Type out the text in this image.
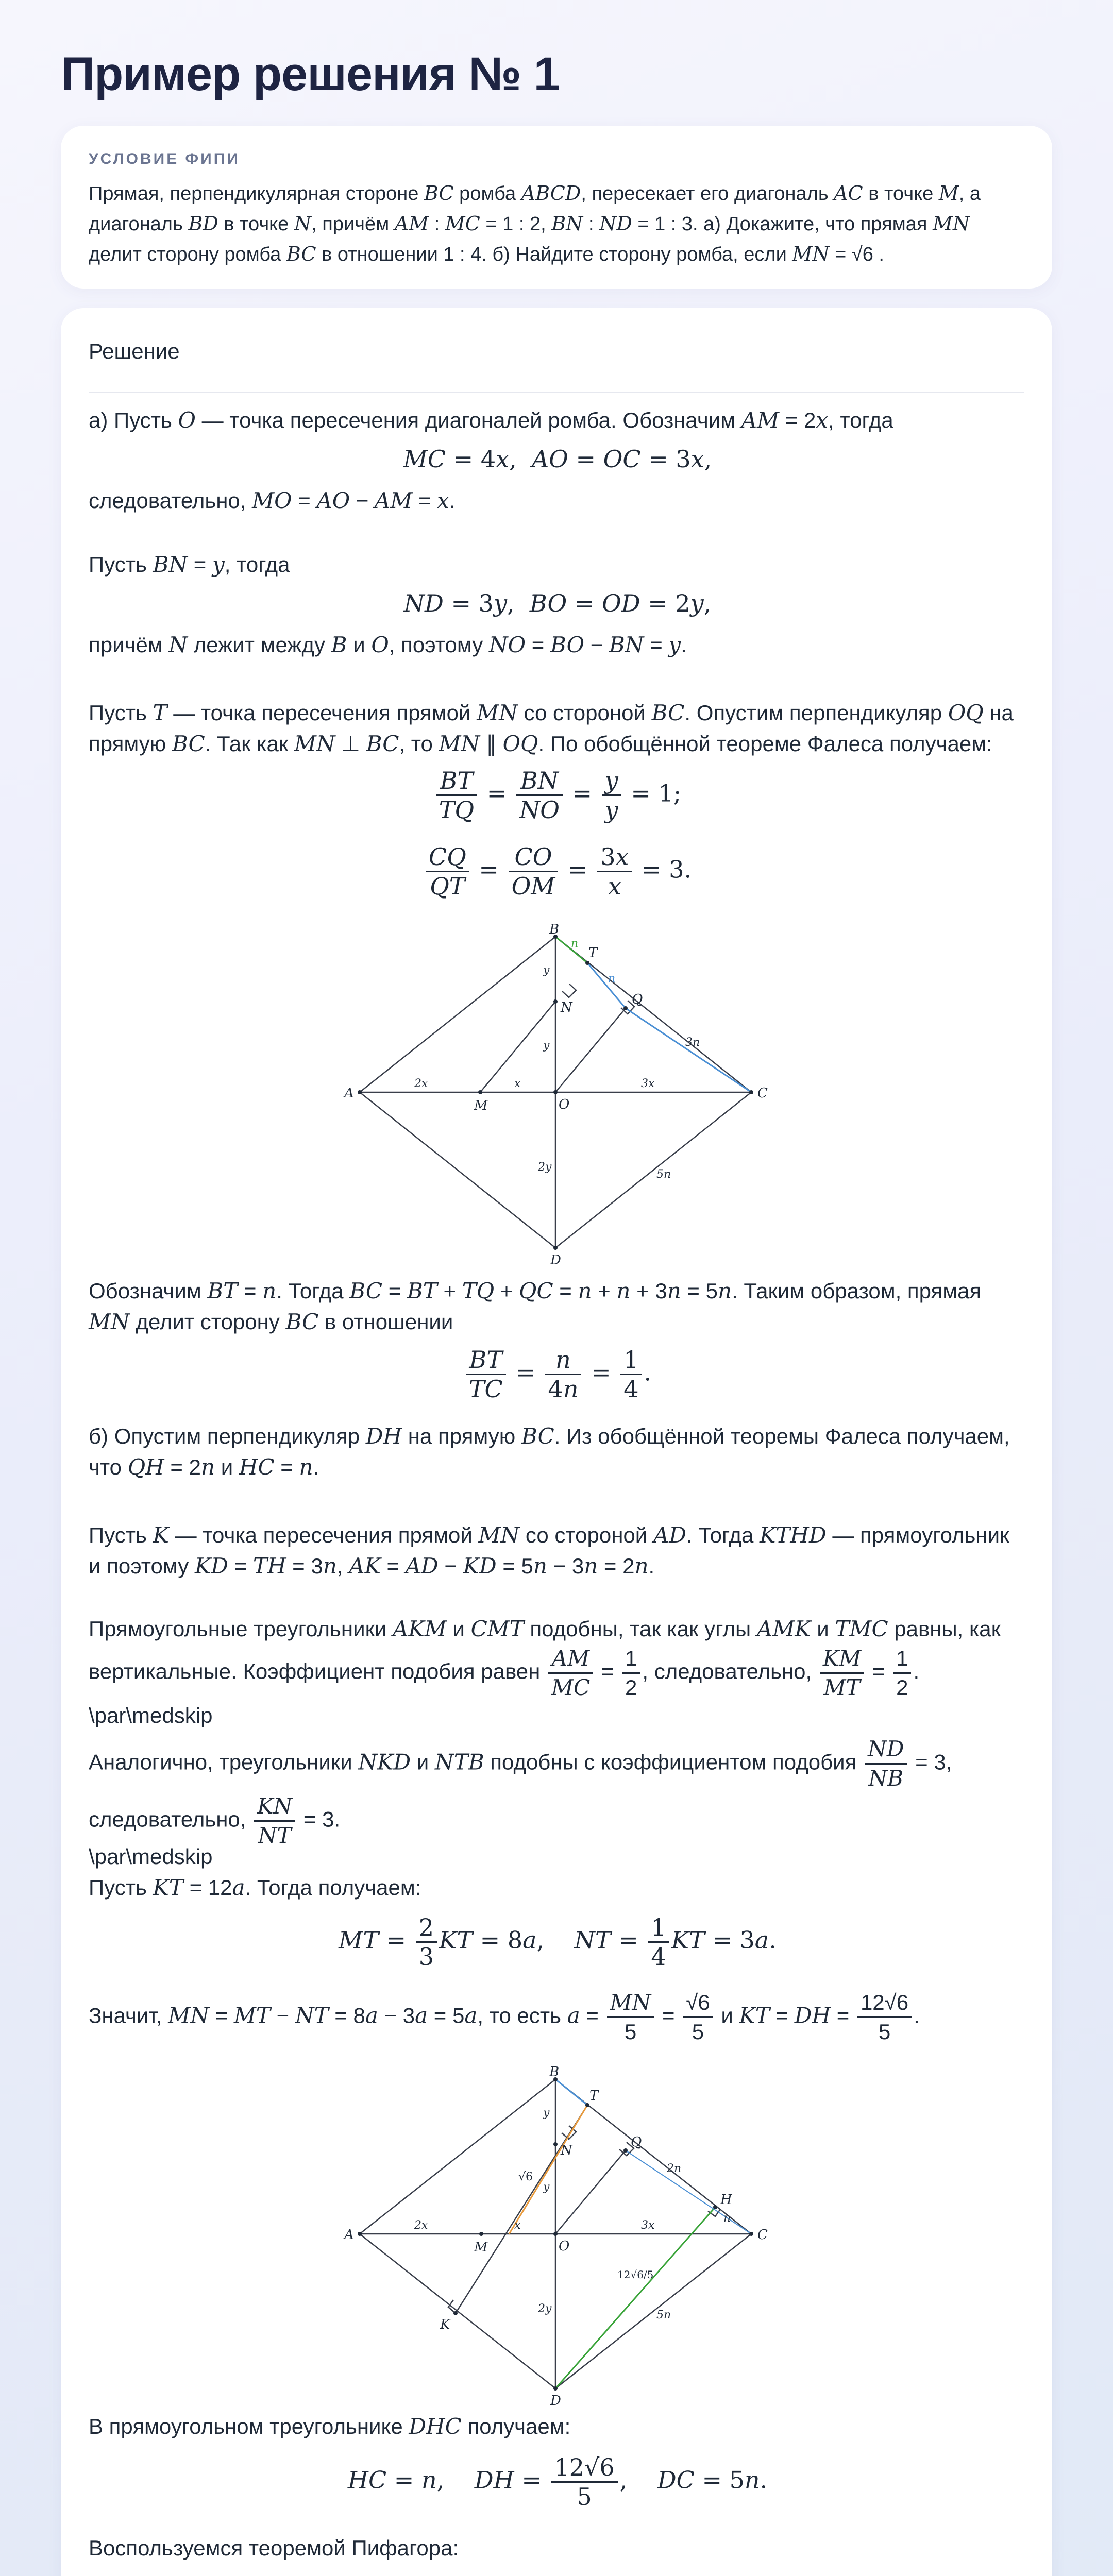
Пример решения № 1
УСЛОВИЕ ФИПИ
Прямая, перпендикулярная стороне BC ромба ABCD, пересекает его диагональ AC в точке M, а диагональ BD в точке N, причём AM : MC = 1 : 2, BN : ND = 1 : 3. а) Докажите, что прямая MN делит сторону ромба BC в отношении 1 : 4. б) Найдите сторону ромба, если MN = √6 .
Решение
а) Пусть O — точка пересечения диагоналей ромба. Обозначим AM = 2x, тогда
MC = 4x,  AO = OC = 3x,
следовательно, MO = AO − AM = x.
Пусть BN = y, тогда
ND = 3y,  BO = OD = 2y,
причём N лежит между B и O, поэтому NO = BO − BN = y.
Пусть T — точка пересечения прямой MN со стороной BC. Опустим перпендикуляр OQ на прямую BC. Так как MN ⊥ BC, то MN ∥ OQ. По обобщённой теореме Фалеса получаем:
$\frac{BT}{TQ} = \frac{BN}{NO} = \frac{y}{y} = 1$;
$\frac{CQ}{QT} = \frac{CO}{OM} = \frac{3x}{x} = 3$.
B
A	C
D
M
N
O
T
Q
n
n
3n
y
y
2y
2x	x	3x
5n
Обозначим BT = n. Тогда BC = BT + TQ + QC = n + n + 3n = 5n. Таким образом, прямая MN делит сторону BC в отношении
$\frac{BT}{TC} = \frac{n}{4n} = \frac{1}{4}$ .
б) Опустим перпендикуляр DH на прямую BC. Из обобщённой теоремы Фалеса получаем, что QH = 2n и HC = n.
Пусть K — точка пересечения прямой MN со стороной AD. Тогда KTHD — прямоугольник и поэтому KD = TH = 3n, AK = AD − KD = 5n − 3n = 2n.
Прямоугольные треугольники AKM и CMT подобны, так как углы AMK и TMC равны, как вертикальные. Коэффициент подобия равен $\frac{AM}{MC} = \frac{1}{2}$ , следовательно, $\frac{KM}{MT} = \frac{1}{2}$ .
\par\medskip
Аналогично, треугольники NKD и NTB подобны с коэффициентом подобия $\frac{ND}{NB} = 3$, следовательно, $\frac{KN}{NT} = 3$.
\par\medskip
Пусть KT = 12a. Тогда получаем:
MT = $\frac{2}{3}$ KT = 8a,    NT = $\frac{1}{4}$ KT = 3a.
Значит, MN = MT − NT = 8a − 3a = 5a, то есть $a = \frac{MN}{5} = \frac{√6}{5}$ и KT = DH = $\frac{12√6}{5}$ .
B
A	C
D
M
N
O
T
Q
H
K
n
2n
y
y
2y
2x	x	3x
√6
5n
12√6/5
В прямоугольном треугольнике DHC получаем:
HC = n,    DH = $\frac{12√6}{5}$ ,    DC = 5n.
Воспользуемся теоремой Пифагора:
